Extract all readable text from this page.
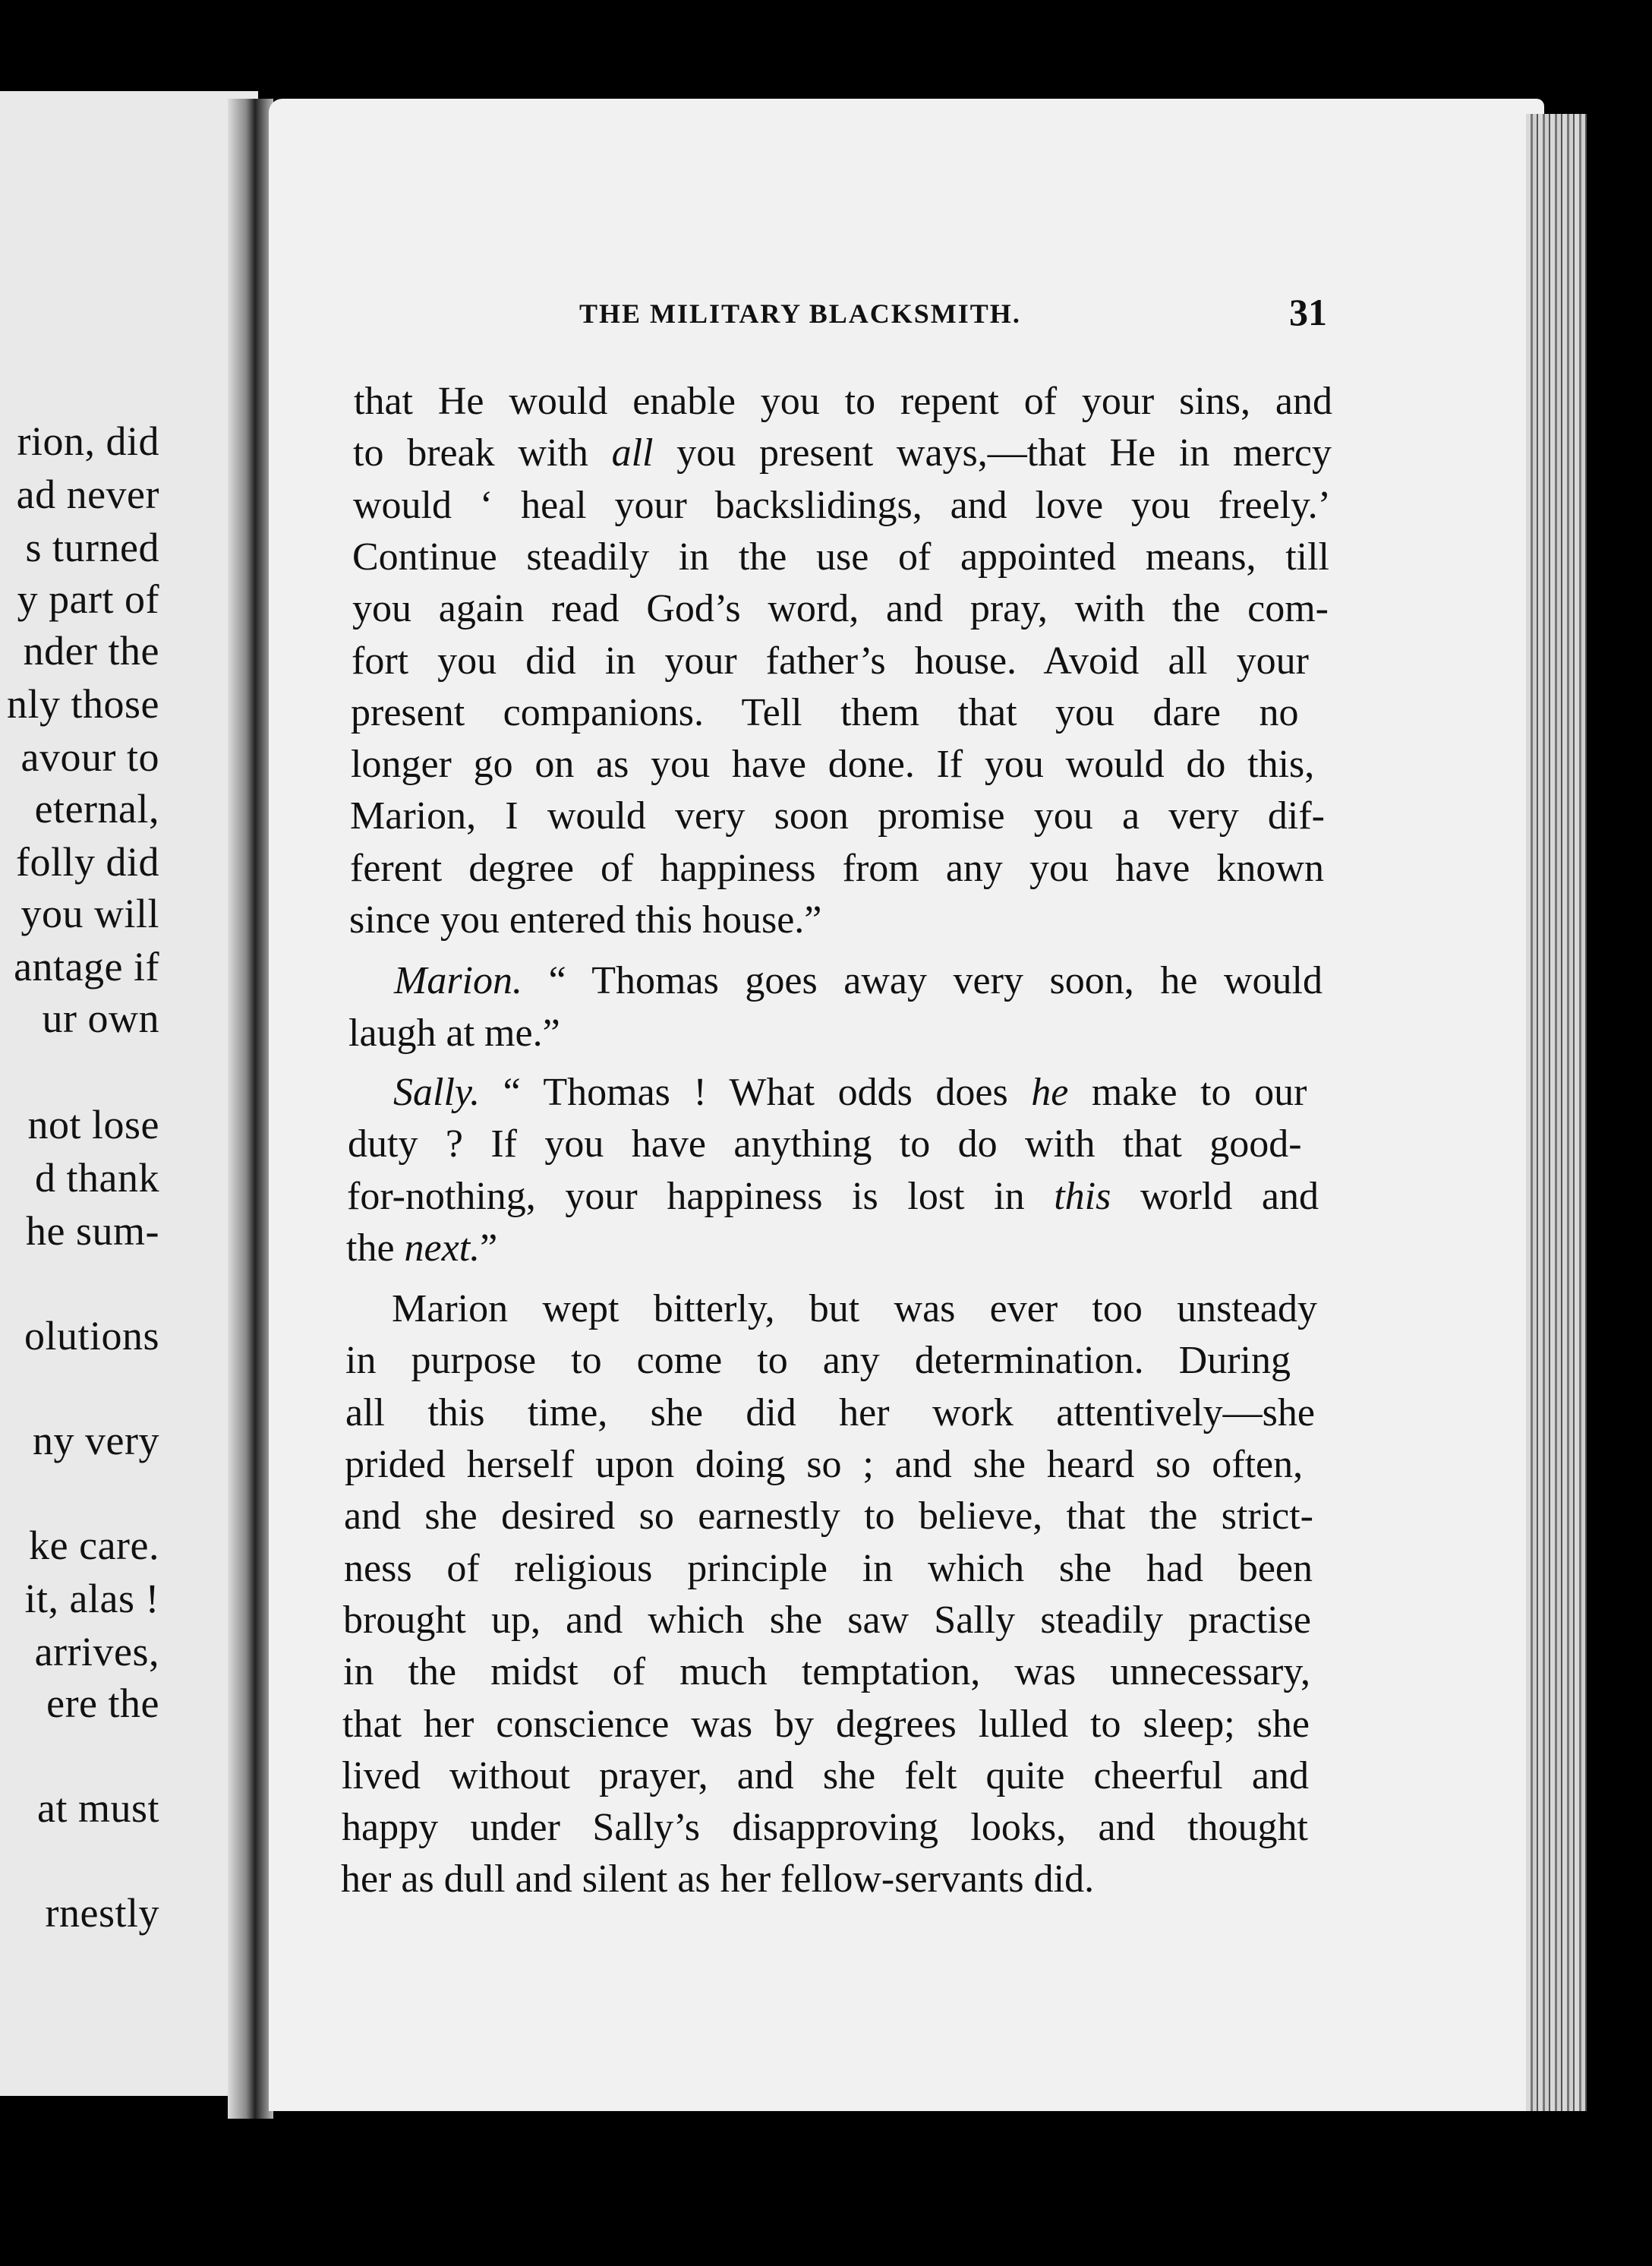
rion, did
ad never
s turned
y part of
nder the
nly those
avour to
eternal,
folly did
you will
antage if
ur own
not lose
d thank
he sum-
olutions
ny very
ke care.
it, alas !
arrives,
ere the
at must
rnestly
THE MILITARY BLACKSMITH.	31
that He would enable you to repent of your sins, and
to break with all you present ways,—that He in mercy
would ‘ heal your backslidings, and love you freely.’
Continue steadily in the use of appointed means, till
you again read God’s word, and pray, with the com-
fort you did in your father’s house. Avoid all your
present companions. Tell them that you dare no
longer go on as you have done. If you would do this,
Marion, I would very soon promise you a very dif-
ferent degree of happiness from any you have known
since you entered this house.”
Marion. “ Thomas goes away very soon, he would
laugh at me.”
Sally. “ Thomas ! What odds does he make to our
duty ? If you have anything to do with that good-
for-nothing, your happiness is lost in this world and
the next.”
Marion wept bitterly, but was ever too unsteady
in purpose to come to any determination. During
all this time, she did her work attentively—she
prided herself upon doing so ; and she heard so often,
and she desired so earnestly to believe, that the strict-
ness of religious principle in which she had been
brought up, and which she saw Sally steadily practise
in the midst of much temptation, was unnecessary,
that her conscience was by degrees lulled to sleep; she
lived without prayer, and she felt quite cheerful and
happy under Sally’s disapproving looks, and thought
her as dull and silent as her fellow-servants did.
